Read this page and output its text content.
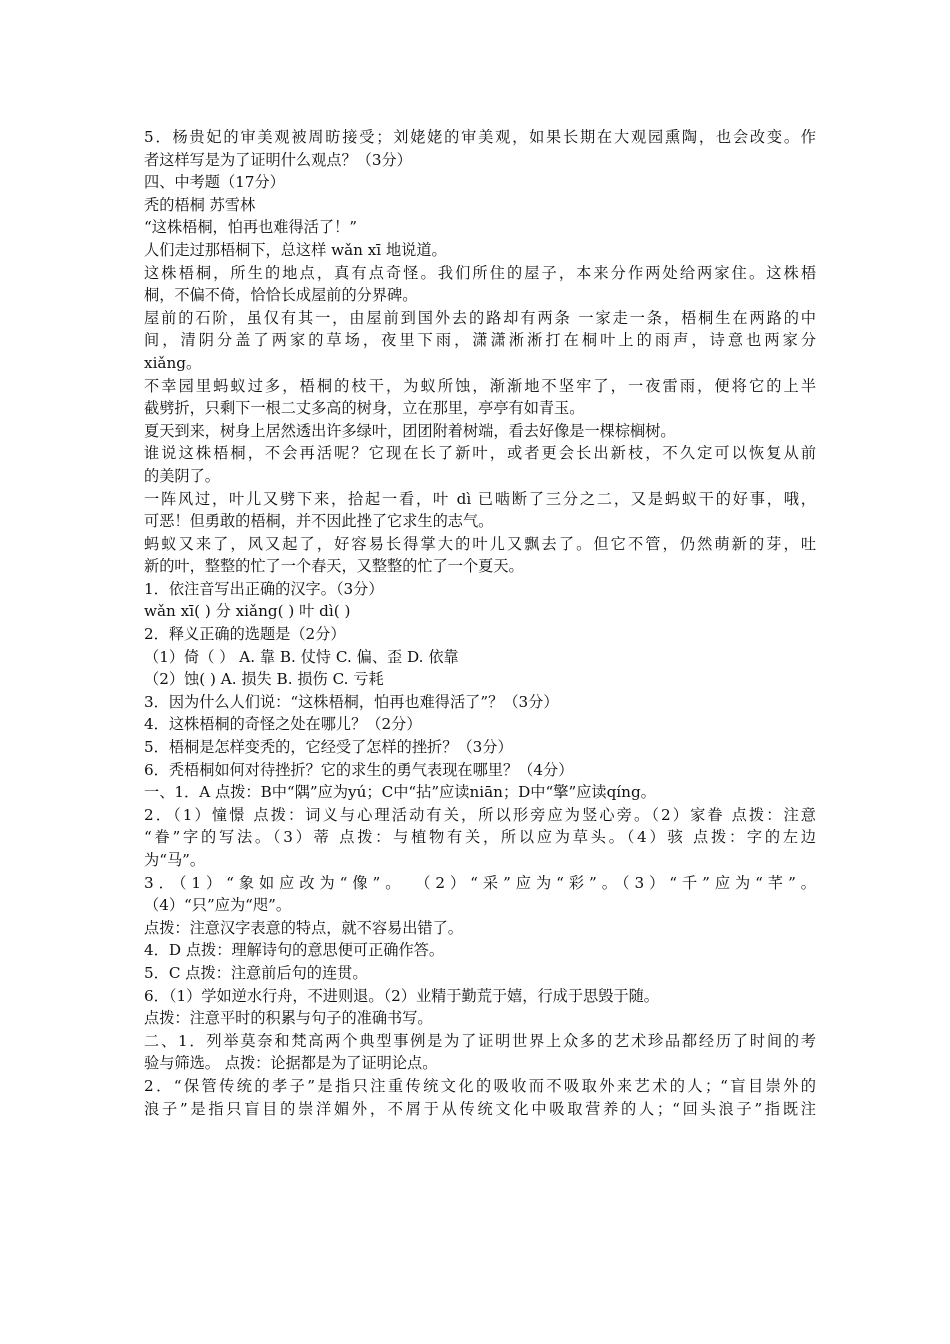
5．杨贵妃的审美观被周昉接受；刘姥姥的审美观，如果长期在大观园熏陶，也会改变。作
者这样写是为了证明什么观点？（3分）
四、中考题（17分）
秃的梧桐 苏雪林
“这株梧桐，怕再也难得活了！”
人们走过那梧桐下，总这样 wǎn xī 地说道。
这株梧桐，所生的地点，真有点奇怪。我们所住的屋子，本来分作两处给两家住。这株梧
桐，不偏不倚，恰恰长成屋前的分界碑。
屋前的石阶，虽仅有其一，由屋前到国外去的路却有两条 一家走一条，梧桐生在两路的中
间，清阴分盖了两家的草场，夜里下雨，潇潇淅淅打在桐叶上的雨声，诗意也两家分
xiǎng。
不幸园里蚂蚁过多，梧桐的枝干，为蚁所蚀，渐渐地不坚牢了，一夜雷雨，便将它的上半
截劈折，只剩下一根二丈多高的树身，立在那里，亭亭有如青玉。
夏天到来，树身上居然透出许多绿叶，团团附着树端，看去好像是一棵棕榈树。
谁说这株梧桐，不会再活呢？它现在长了新叶，或者更会长出新枝，不久定可以恢复从前
的美阴了。
一阵风过，叶儿又劈下来，拾起一看，叶 dì 已啮断了三分之二，又是蚂蚁干的好事，哦，
可恶！但勇敢的梧桐，并不因此挫了它求生的志气。
蚂蚁又来了，风又起了，好容易长得掌大的叶儿又飘去了。但它不管，仍然萌新的芽，吐
新的叶，整整的忙了一个春天，又整整的忙了一个夏天。
1．依注音写出正确的汉字。（3分）
wǎn xī( ) 分 xiǎng( ) 叶 dì( )
2．释义正确的选题是（2分）
（1）倚（ ） A. 靠 B. 仗恃 C. 偏、歪 D. 依靠
（2）蚀( ) A. 损失 B. 损伤 C. 亏耗
3．因为什么人们说：“这株梧桐，怕再也难得活了”？（3分）
4．这株梧桐的奇怪之处在哪儿？（2分）
5．梧桐是怎样变秃的，它经受了怎样的挫折？（3分）
6．秃梧桐如何对待挫折？它的求生的勇气表现在哪里？（4分）
一、1．A 点拨：B中“隅”应为yú；C中“拈”应读niān；D中“擎”应读qíng。
2．（1）憧憬 点拨：词义与心理活动有关，所以形旁应为竖心旁。（2）家眷 点拨：注意
“眷”字的写法。（3）蒂 点拨：与植物有关，所以应为草头。（4）骇 点拨：字的左边
为“马”。
3．（1）“象如应改为“像”。 （2）“采”应为“彩”。（3）“千”应为“芊”。
（4）“只”应为“咫”。
点拨：注意汉字表意的特点，就不容易出错了。
4．D 点拨：理解诗句的意思便可正确作答。
5．C 点拨：注意前后句的连贯。
6．（1）学如逆水行舟，不进则退。（2）业精于勤荒于嬉，行成于思毁于随。
点拨：注意平时的积累与句子的准确书写。
二、1．列举莫奈和梵高两个典型事例是为了证明世界上众多的艺术珍品都经历了时间的考
验与筛选。 点拨：论据都是为了证明论点。
2．“保管传统的孝子”是指只注重传统文化的吸收而不吸取外来艺术的人；“盲目崇外的
浪子”是指只盲目的崇洋媚外，不屑于从传统文化中吸取营养的人；“回头浪子”指既注
